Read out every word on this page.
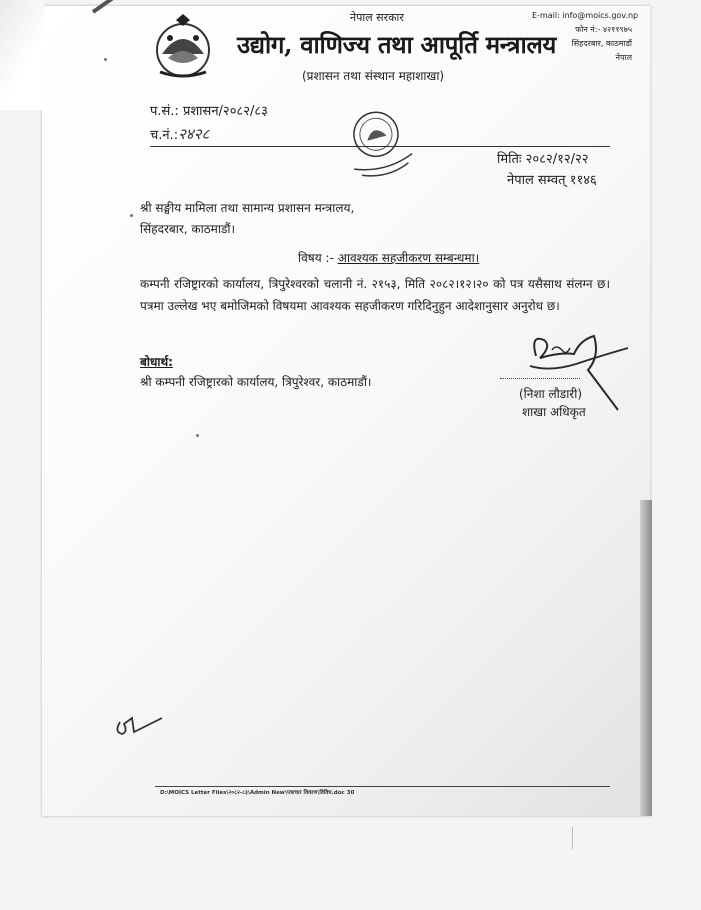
नेपाल सरकार
उद्योग, वाणिज्य तथा आपूर्ति मन्त्रालय
(प्रशासन तथा संस्थान महाशाखा)
E-mail: info@moics.gov.np
फोन नं:- ४२११९७५
सिंहदरबार, काठमाडौं
नेपाल
प.सं.: प्रशासन/२०८२/८३
च.नं.:२४२८
मितिः २०८२/१२/२२
नेपाल सम्वत् ११४६
श्री सङ्घीय मामिला तथा सामान्य प्रशासन मन्त्रालय,
सिंहदरबार, काठमाडौं।
विषय :- आवश्यक सहजीकरण सम्बन्धमा।
कम्पनी रजिष्ट्रारको कार्यालय, त्रिपुरेश्वरको चलानी नं. २१५३, मिति २०८२।१२।२० को पत्र यसैसाथ संलग्न छ। पत्रमा उल्लेख भए बमोजिमको विषयमा आवश्यक सहजीकरण गरिदिनुहुन आदेशानुसार अनुरोध छ।
बोधार्थ:
श्री कम्पनी रजिष्ट्रारको कार्यालय, त्रिपुरेश्वर, काठमाडौं।
(निशा लौडारी)
शाखा अधिकृत
D:\MOICS Letter Files\२०८२-८३\Admin New\पत्राचार विवरण\विविध.doc 30
